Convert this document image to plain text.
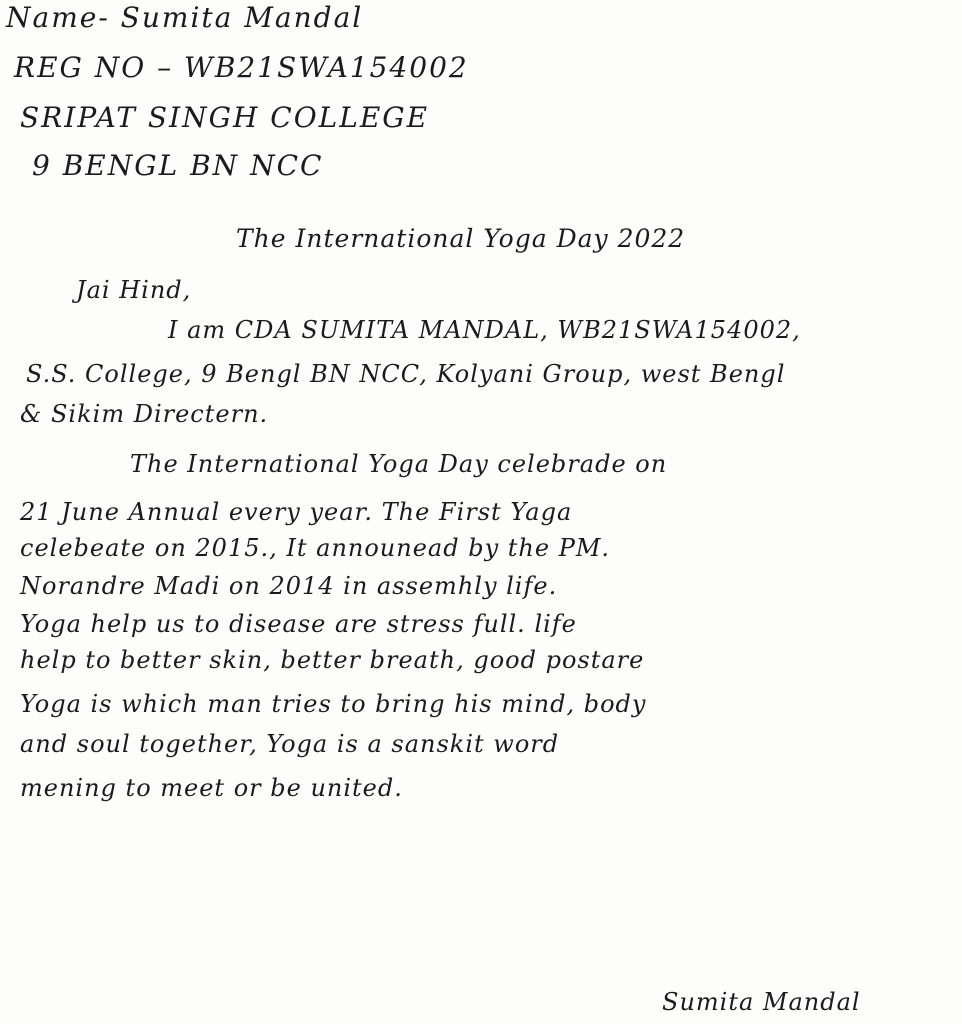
Name- Sumita Mandal
REG NO – WB21SWA154002
SRIPAT SINGH COLLEGE
9 BENGL BN NCC
The International Yoga Day 2022
Jai Hind,
I am CDA SUMITA MANDAL, WB21SWA154002,
S.S. College, 9 Bengl BN NCC, Kolyani Group, west Bengl
& Sikim Directern.
The International Yoga Day celebrade on
21 June Annual every year. The First Yaga
celebeate on 2015., It announead by the PM.
Norandre Madi on 2014 in assemhly life.
Yoga help us to disease are stress full. life
help to better skin, better breath, good postare
Yoga is which man tries to bring his mind, body
and soul together, Yoga is a sanskit word
mening to meet or be united.
Sumita Mandal
